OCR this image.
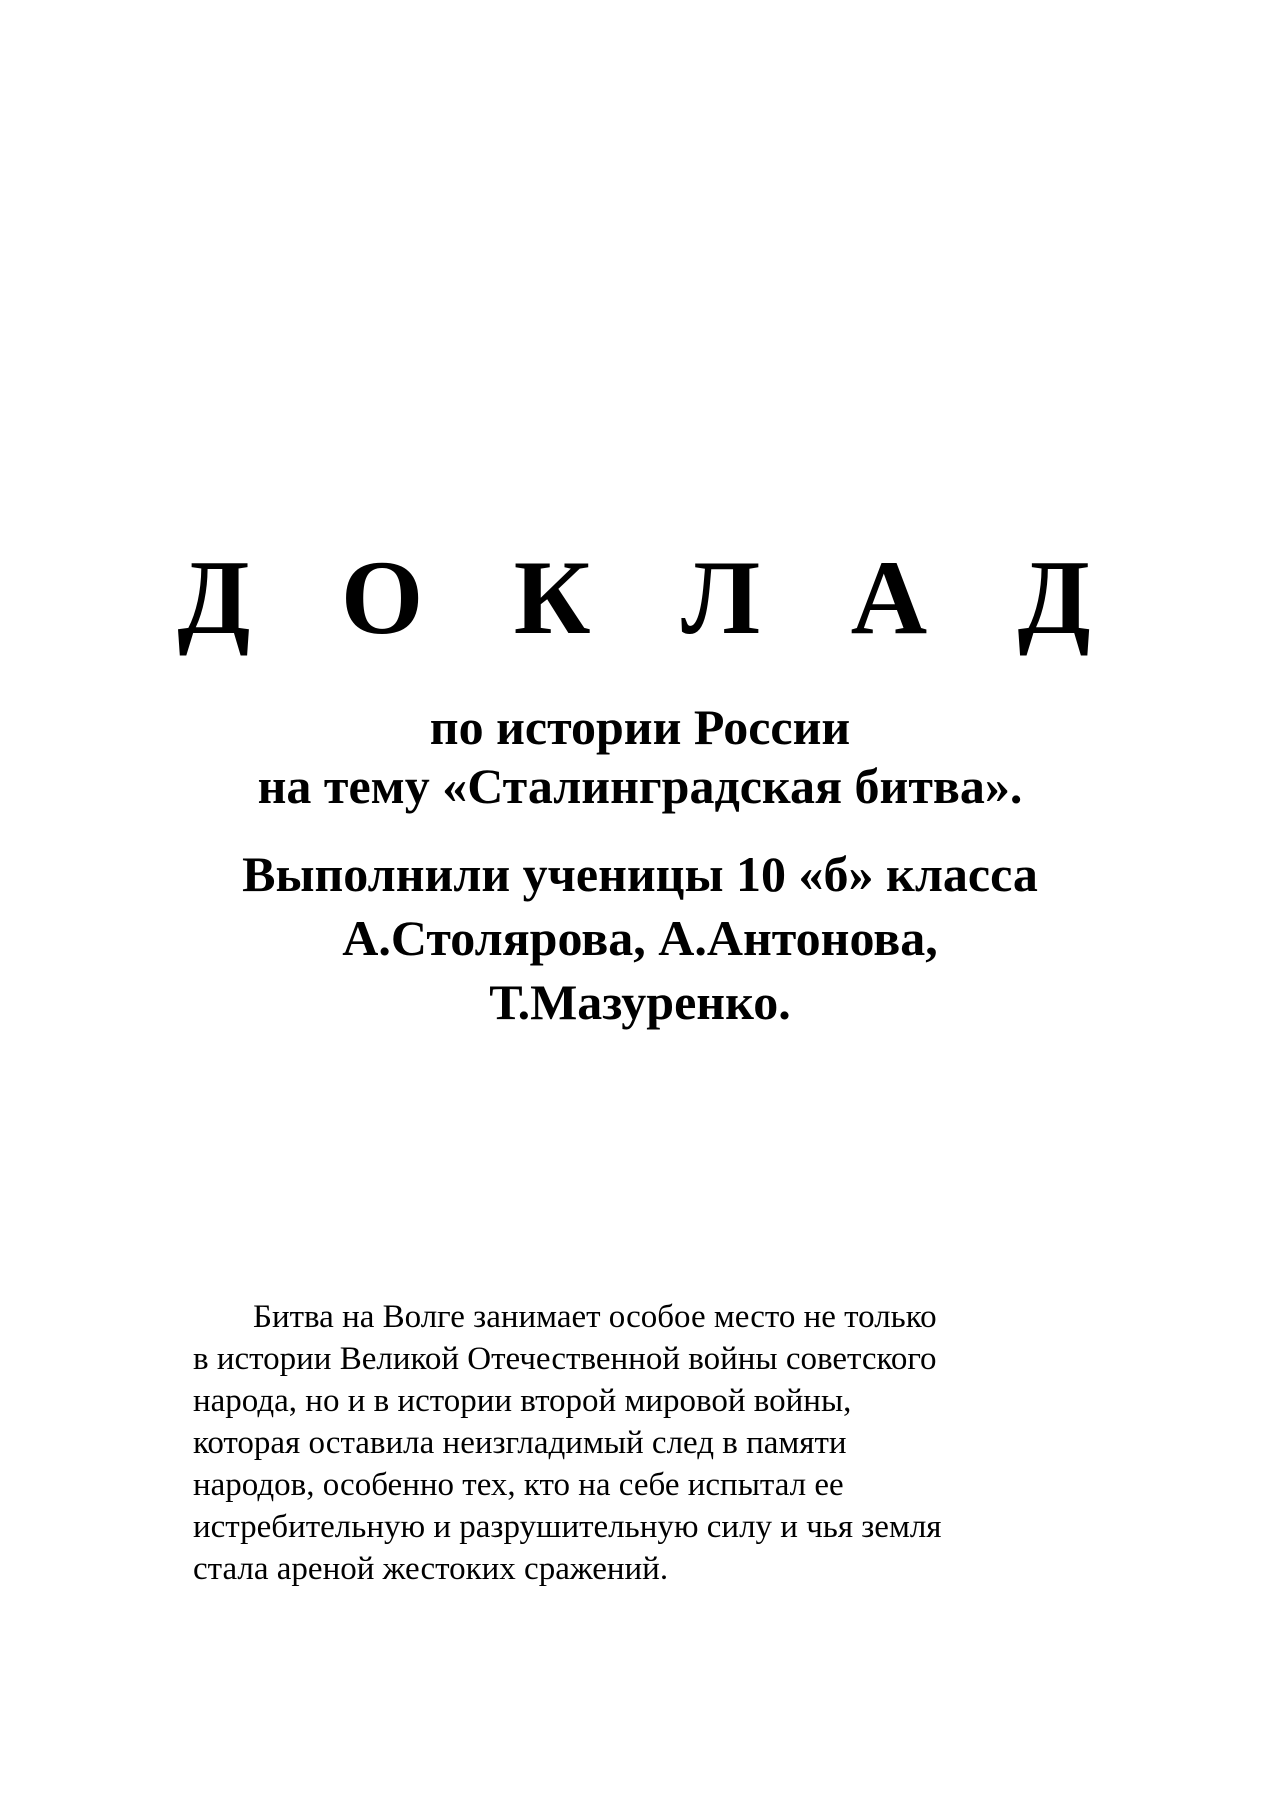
Д О К Л А Д
по истории России
на тему «Сталинградская битва».
Выполнили ученицы 10 «б» класса
А.Столярова, А.Антонова,
Т.Мазуренко.

Битва на Волге занимает особое место не только
в истории Великой Отечественной войны советского
народа, но и в истории второй мировой войны,
которая оставила неизгладимый след в памяти
народов, особенно тех, кто на себе испытал ее
истребительную и разрушительную силу и чья земля
стала ареной жестоких сражений.
